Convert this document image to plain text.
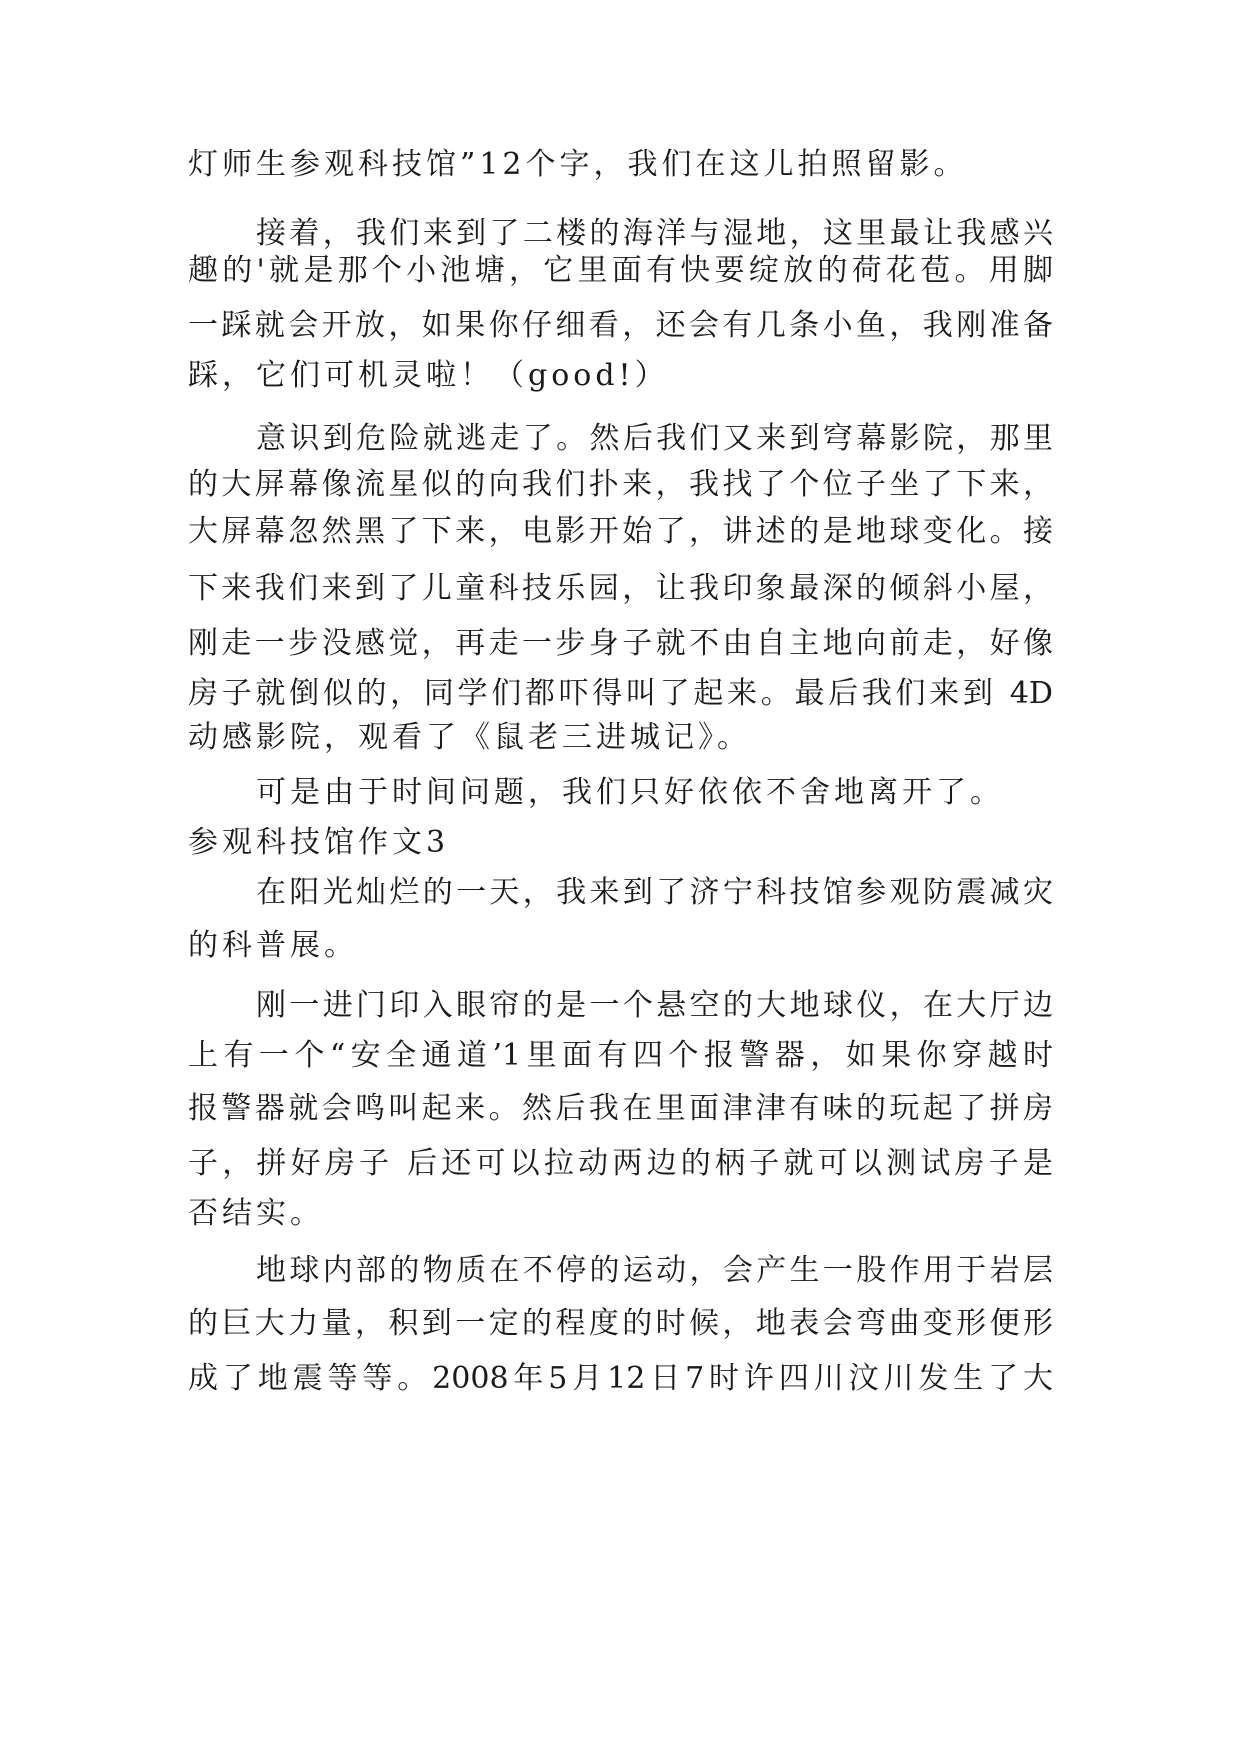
灯师生参观科技馆”12个字，我们在这儿拍照留影。
接着，我们来到了二楼的海洋与湿地，这里最让我感兴
趣的'就是那个小池塘，它里面有快要绽放的荷花苞。用脚
一踩就会开放，如果你仔细看，还会有几条小鱼，我刚准备
踩，它们可机灵啦！（good!）
意识到危险就逃走了。然后我们又来到穹幕影院，那里
的大屏幕像流星似的向我们扑来，我找了个位子坐了下来，
大屏幕忽然黑了下来，电影开始了，讲述的是地球变化。接
下来我们来到了儿童科技乐园，让我印象最深的倾斜小屋，
刚走一步没感觉，再走一步身子就不由自主地向前走，好像
房子就倒似的，同学们都吓得叫了起来。最后我们来到 4D
动感影院，观看了《鼠老三进城记》。
可是由于时间问题，我们只好依依不舍地离开了。
参观科技馆作文3
在阳光灿烂的一天，我来到了济宁科技馆参观防震减灾
的科普展。
刚一进门印入眼帘的是一个悬空的大地球仪，在大厅边
上有一个“安全通道’1里面有四个报警器，如果你穿越时
报警器就会鸣叫起来。然后我在里面津津有味的玩起了拼房
子，拼好房子 后还可以拉动两边的柄子就可以测试房子是
否结实。
地球内部的物质在不停的运动，会产生一股作用于岩层
的巨大力量，积到一定的程度的时候，地表会弯曲变形便形
成了地震等等。2008年5月12日7时许四川汶川发生了大
